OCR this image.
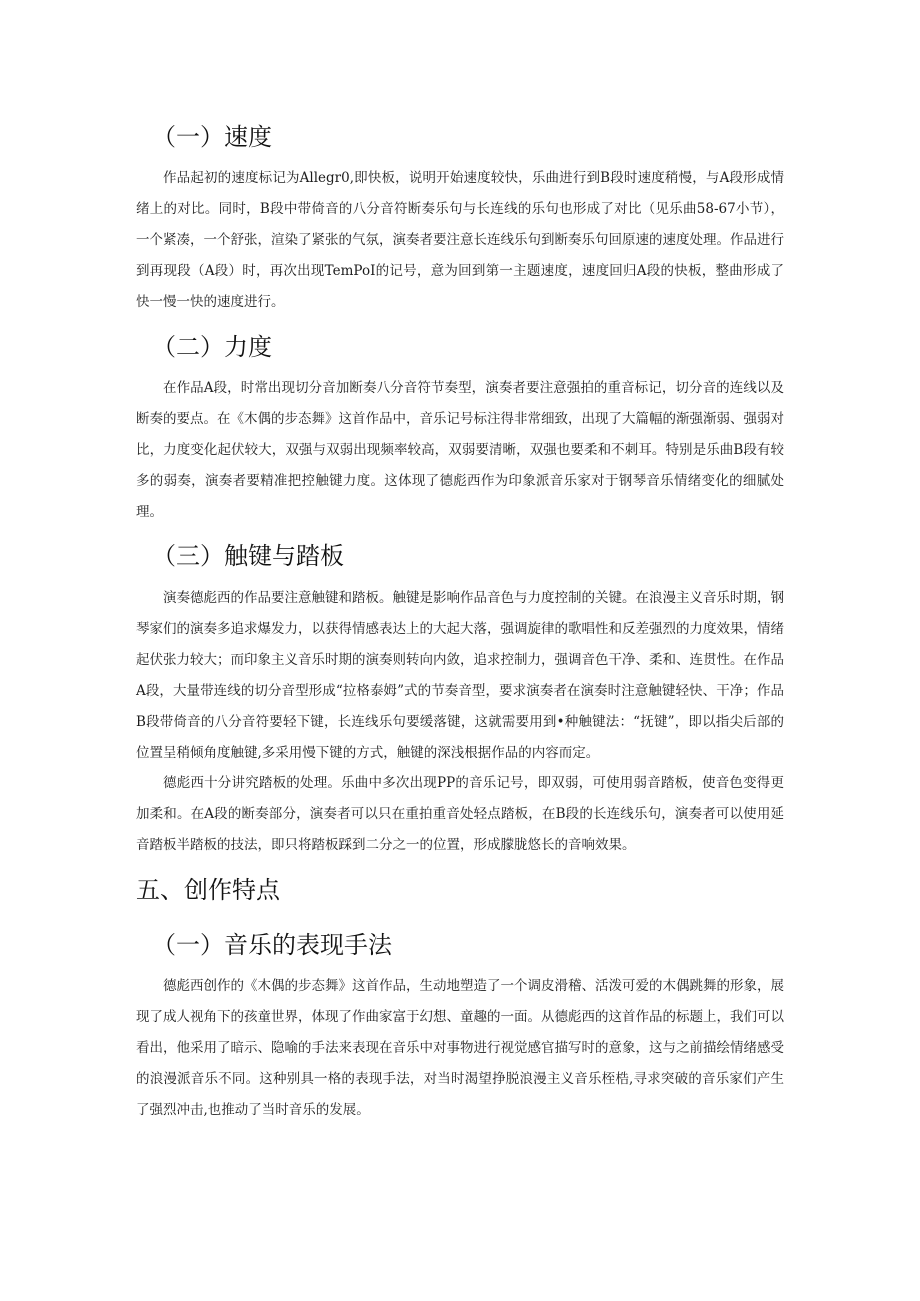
（一）速度

作品起初的速度标记为Allegr0,即快板，说明开始速度较快，乐曲进行到B段时速度稍慢，与A段形成情绪上的对比。同时，B段中带倚音的八分音符断奏乐句与长连线的乐句也形成了对比（见乐曲58-67小节），一个紧凑，一个舒张，渲染了紧张的气氛，演奏者要注意长连线乐句到断奏乐句回原速的速度处理。作品进行到再现段（A段）时，再次出现TemPoI的记号，意为回到第一主题速度，速度回归A段的快板，整曲形成了快一慢一快的速度进行。

（二）力度

在作品A段，时常出现切分音加断奏八分音符节奏型，演奏者要注意强拍的重音标记，切分音的连线以及断奏的要点。在《木偶的步态舞》这首作品中，音乐记号标注得非常细致，出现了大篇幅的渐强渐弱、强弱对比，力度变化起伏较大，双强与双弱出现频率较高，双弱要清晰，双强也要柔和不刺耳。特别是乐曲B段有较多的弱奏，演奏者要精准把控触键力度。这体现了德彪西作为印象派音乐家对于钢琴音乐情绪变化的细腻处理。

（三）触键与踏板

演奏德彪西的作品要注意触键和踏板。触键是影响作品音色与力度控制的关键。在浪漫主义音乐时期，钢琴家们的演奏多追求爆发力，以获得情感表达上的大起大落，强调旋律的歌唱性和反差强烈的力度效果，情绪起伏张力较大；而印象主义音乐时期的演奏则转向内敛，追求控制力，强调音色干净、柔和、连贯性。在作品A段，大量带连线的切分音型形成“拉格泰姆”式的节奏音型，要求演奏者在演奏时注意触键轻快、干净；作品B段带倚音的八分音符要轻下键，长连线乐句要缓落键，这就需要用到•种触键法：“抚键”，即以指尖后部的位置呈稍倾角度触键,多采用慢下键的方式，触键的深浅根据作品的内容而定。

德彪西十分讲究踏板的处理。乐曲中多次出现PP的音乐记号，即双弱，可使用弱音踏板，使音色变得更加柔和。在A段的断奏部分，演奏者可以只在重拍重音处轻点踏板，在B段的长连线乐句，演奏者可以使用延音踏板半踏板的技法，即只将踏板踩到二分之一的位置，形成朦胧悠长的音响效果。

五、创作特点
（一）音乐的表现手法

德彪西创作的《木偶的步态舞》这首作品，生动地塑造了一个调皮滑稽、活泼可爱的木偶跳舞的形象，展现了成人视角下的孩童世界，体现了作曲家富于幻想、童趣的一面。从德彪西的这首作品的标题上，我们可以看出，他采用了暗示、隐喻的手法来表现在音乐中对事物进行视觉感官描写时的意象，这与之前描绘情绪感受的浪漫派音乐不同。这种别具一格的表现手法，对当时渴望挣脱浪漫主义音乐桎梏,寻求突破的音乐家们产生了强烈冲击,也推动了当时音乐的发展。
